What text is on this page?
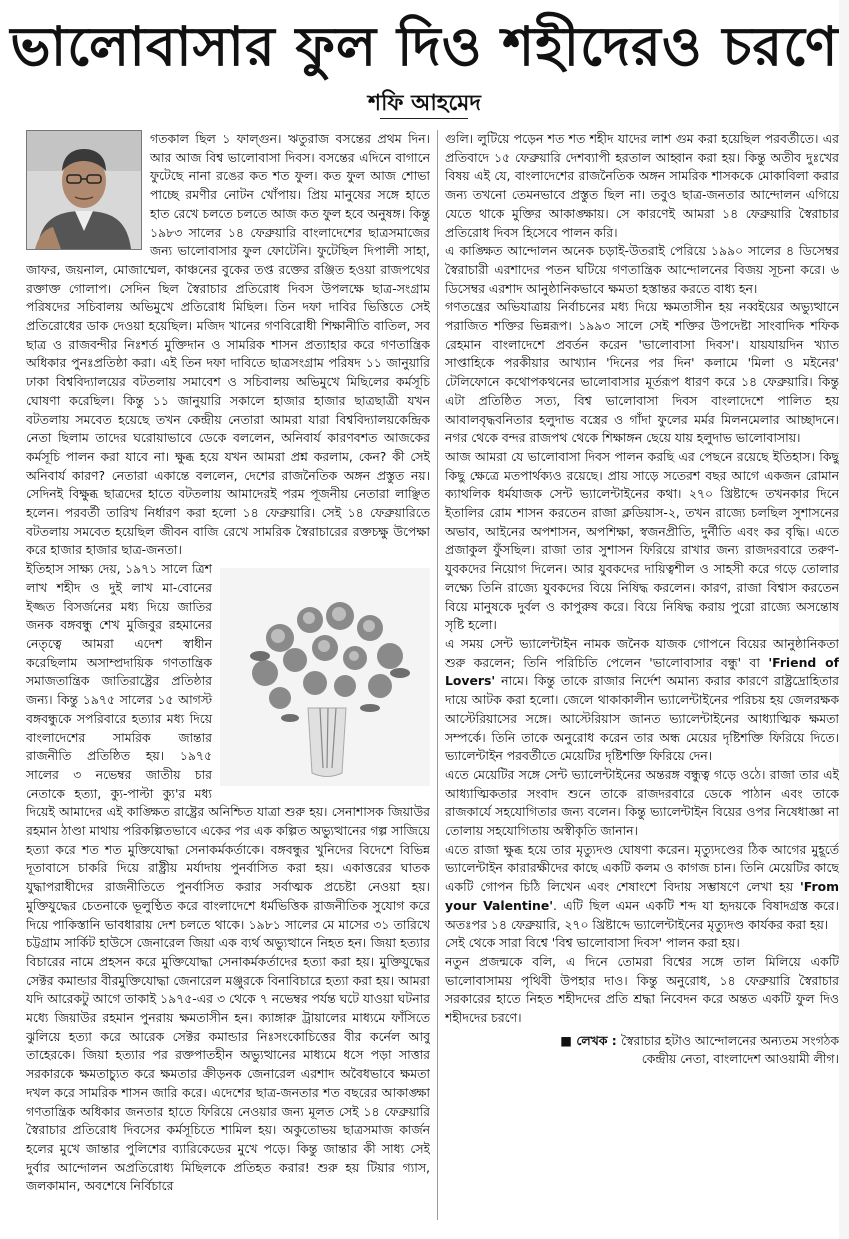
ভালোবাসার ফুল দিও শহীদেরও চরণে
শফি আহমেদ

গতকাল ছিল ১ ফাল্গুন। ঋতুরাজ বসন্তের প্রথম দিন। আর আজ বিশ্ব ভালোবাসা দিবস। বসন্তের এদিনে বাগানে ফুটেছে নানা রঙের কত শত ফুল। কত ফুল আজ শোভা পাচ্ছে রমণীর নোটন খোঁপায়। প্রিয় মানুষের সঙ্গে হাতে হাত রেখে চলতে চলতে আজ কত ফুল হবে অনুষঙ্গ। কিন্তু ১৯৮৩ সালের ১৪ ফেব্রুয়ারি বাংলাদেশের ছাত্রসমাজের জন্য ভালোবাসার ফুল ফোটেনি। ফুটেছিল দিপালী সাহা, জাফর, জয়নাল, মোজাম্মেল, কাঞ্চনের বুকের তপ্ত রক্তের রঞ্জিত হওয়া রাজপথের রক্তাক্ত গোলাপ। সেদিন ছিল স্বৈরাচার প্রতিরোধ দিবস উপলক্ষে ছাত্র-সংগ্রাম পরিষদের সচিবালয় অভিমুখে প্রতিরোধ মিছিল। তিন দফা দাবির ভিত্তিতে সেই প্রতিরোধের ডাক দেওয়া হয়েছিল। মজিদ খানের গণবিরোধী শিক্ষানীতি বাতিল, সব ছাত্র ও রাজবন্দীর নিঃশর্ত মুক্তিদান ও সামরিক শাসন প্রত্যাহার করে গণতান্ত্রিক অধিকার পুনঃপ্রতিষ্ঠা করা। এই তিন দফা দাবিতে ছাত্রসংগ্রাম পরিষদ ১১ জানুয়ারি ঢাকা বিশ্ববিদ্যালয়ের বটতলায় সমাবেশ ও সচিবালয় অভিমুখে মিছিলের কর্মসূচি ঘোষণা করেছিল। কিন্তু ১১ জানুয়ারি সকালে হাজার হাজার ছাত্রছাত্রী যখন বটতলায় সমবেত হয়েছে তখন কেন্দ্রীয় নেতারা আমরা যারা বিশ্ববিদ্যালয়কেন্দ্রিক নেতা ছিলাম তাদের ঘরোয়াভাবে ডেকে বললেন, অনিবার্য কারণবশত আজকের কর্মসূচি পালন করা যাবে না। ক্ষুব্ধ হয়ে যখন আমরা প্রশ্ন করলাম, কেন? কী সেই অনিবার্য কারণ? নেতারা একান্তে বললেন, দেশের রাজনৈতিক অঙ্গন প্রস্তুত নয়। সেদিনই বিক্ষুব্ধ ছাত্রদের হাতে বটতলায় আমাদেরই পরম পূজনীয় নেতারা লাঞ্ছিত হলেন। পরবর্তী তারিখ নির্ধারণ করা হলো ১৪ ফেব্রুয়ারি। সেই ১৪ ফেব্রুয়ারিতে বটতলায় সমবেত হয়েছিল জীবন বাজি রেখে সামরিক স্বৈরাচারের রক্তচক্ষু উপেক্ষা করে হাজার হাজার ছাত্র-জনতা।

ইতিহাস সাক্ষ্য দেয়, ১৯৭১ সালে ত্রিশ লাখ শহীদ ও দুই লাখ মা-বোনের ইজ্জত বিসর্জনের মধ্য দিয়ে জাতির জনক বঙ্গবন্ধু শেখ মুজিবুর রহমানের নেতৃত্বে আমরা এদেশ স্বাধীন করেছিলাম অসাম্প্রদায়িক গণতান্ত্রিক সমাজতান্ত্রিক জাতিরাষ্ট্রের প্রতিষ্ঠার জন্য। কিন্তু ১৯৭৫ সালের ১৫ আগস্ট বঙ্গবন্ধুকে সপরিবারে হত্যার মধ্য দিয়ে বাংলাদেশের সামরিক জান্তার রাজনীতি প্রতিষ্ঠিত হয়। ১৯৭৫ সালের ৩ নভেম্বর জাতীয় চার নেতাকে হত্যা, ক্যু-পাল্টা ক্যু'র মধ্য দিয়েই আমাদের এই কাঙ্ক্ষিত রাষ্ট্রের অনিশ্চিত যাত্রা শুরু হয়। সেনাশাসক জিয়াউর রহমান ঠাণ্ডা মাথায় পরিকল্পিতভাবে একের পর এক কল্পিত অভ্যুত্থানের গল্প সাজিয়ে হত্যা করে শত শত মুক্তিযোদ্ধা সেনাকর্মকর্তাকে। বঙ্গবন্ধুর খুনিদের বিদেশে বিভিন্ন দূতাবাসে চাকরি দিয়ে রাষ্ট্রীয় মর্যাদায় পুনর্বাসিত করা হয়। একাত্তরের ঘাতক যুদ্ধাপরাধীদের রাজনীতিতে পুনর্বাসিত করার সর্বাত্মক প্রচেষ্টা নেওয়া হয়। মুক্তিযুদ্ধের চেতনাকে ভূলুণ্ঠিত করে বাংলাদেশে ধর্মভিত্তিক রাজনীতিক সুযোগ করে দিয়ে পাকিস্তানি ভাবধারায় দেশ চলতে থাকে। ১৯৮১ সালের মে মাসের ৩১ তারিখে চট্টগ্রাম সার্কিট হাউসে জেনারেল জিয়া এক ব্যর্থ অভ্যুত্থানে নিহত হন। জিয়া হত্যার বিচারের নামে প্রহসন করে মুক্তিযোদ্ধা সেনাকর্মকর্তাদের হত্যা করা হয়। মুক্তিযুদ্ধের সেক্টর কমান্ডার বীরমুক্তিযোদ্ধা জেনারেল মঞ্জুরকে বিনাবিচারে হত্যা করা হয়। আমরা যদি আরেকটু আগে তাকাই ১৯৭৫-এর ৩ থেকে ৭ নভেম্বর পর্যন্ত ঘটে যাওয়া ঘটনার মধ্যে জিয়াউর রহমান পুনরায় ক্ষমতাসীন হন। ক্যাঙ্গারু ট্রায়ালের মাধ্যমে ফাঁসিতে ঝুলিয়ে হত্যা করে আরেক সেক্টর কমান্ডার নিঃসংকোচিত্তের বীর কর্নেল আবু তাহেরকে। জিয়া হত্যার পর রক্তপাতহীন অভ্যুত্থানের মাধ্যমে ধসে পড়া সাত্তার সরকারকে ক্ষমতাচ্যুত করে ক্ষমতার ক্রীড়নক জেনারেল এরশাদ অবৈধভাবে ক্ষমতা দখল করে সামরিক শাসন জারি করে। এদেশের ছাত্র-জনতার শত বছরের আকাঙ্ক্ষা গণতান্ত্রিক অধিকার জনতার হাতে ফিরিয়ে নেওয়ার জন্য মূলত সেই ১৪ ফেব্রুয়ারি স্বৈরাচার প্রতিরোধ দিবসের কর্মসূচিতে শামিল হয়। অকুতোভয় ছাত্রসমাজ কার্জন হলের মুখে জান্তার পুলিশের ব্যারিকেডের মুখে পড়ে। কিন্তু জান্তার কী সাধ্য সেই দুর্বার আন্দোলন অপ্রতিরোধ্য মিছিলকে প্রতিহত করার! শুরু হয় টিয়ার গ্যাস, জলকামান, অবশেষে নির্বিচারে

গুলি। লুটিয়ে পড়েন শত শত শহীদ যাদের লাশ গুম করা হয়েছিল পরবর্তীতে। এর প্রতিবাদে ১৫ ফেব্রুয়ারি দেশব্যাপী হরতাল আহ্বান করা হয়। কিন্তু অতীব দুঃখের বিষয় এই যে, বাংলাদেশের রাজনৈতিক অঙ্গন সামরিক শাসককে মোকাবিলা করার জন্য তখনো তেমনভাবে প্রস্তুত ছিল না। তবুও ছাত্র-জনতার আন্দোলন এগিয়ে যেতে থাকে মুক্তির আকাঙ্ক্ষায়। সে কারণেই আমরা ১৪ ফেব্রুয়ারি স্বৈরাচার প্রতিরোধ দিবস হিসেবে পালন করি।

এ কাঙ্ক্ষিত আন্দোলন অনেক চড়াই-উতরাই পেরিয়ে ১৯৯০ সালের ৪ ডিসেম্বর স্বৈরাচারী এরশাদের পতন ঘটিয়ে গণতান্ত্রিক আন্দোলনের বিজয় সূচনা করে। ৬ ডিসেম্বর এরশাদ আনুষ্ঠানিকভাবে ক্ষমতা হস্তান্তর করতে বাধ্য হন।

গণতন্ত্রের অভিযাত্রায় নির্বাচনের মধ্য দিয়ে ক্ষমতাসীন হয় নব্বইয়ের অভ্যুত্থানে পরাজিত শক্তির ভিন্নরূপ। ১৯৯৩ সালে সেই শক্তির উপদেষ্টা সাংবাদিক শফিক রেহমান বাংলাদেশে প্রবর্তন করেন 'ভালোবাসা দিবস'। যায়যায়দিন খ্যাত সাপ্তাহিকে পরকীয়ার আখ্যান 'দিনের পর দিন' কলামে 'মিলা ও মইনের' টেলিফোনে কথোপকথনের ভালোবাসার মূর্তরূপ ধারণ করে ১৪ ফেব্রুয়ারি। কিন্তু এটা প্রতিষ্ঠিত সত্য, বিশ্ব ভালোবাসা দিবস বাংলাদেশে পালিত হয় আবালবৃদ্ধবনিতার হলুদাভ বস্ত্রের ও গাঁদা ফুলের মর্মর মিলনমেলার আচ্ছাদনে। নগর থেকে বন্দর রাজপথ থেকে শিক্ষাঙ্গন ছেয়ে যায় হলুদাভ ভালোবাসায়।

আজ আমরা যে ভালোবাসা দিবস পালন করছি এর পেছনে রয়েছে ইতিহাস। কিছু কিছু ক্ষেত্রে মতপার্থক্যও রয়েছে। প্রায় সাড়ে সতেরশ বছর আগে একজন রোমান ক্যাথলিক ধর্মযাজক সেন্ট ভ্যালেন্টাইনের কথা। ২৭০ খ্রিষ্টাব্দে তখনকার দিনে ইতালির রোম শাসন করতেন রাজা ক্লডিয়াস-২, তখন রাজ্যে চলছিল সুশাসনের অভাব, আইনের অপশাসন, অপশিক্ষা, স্বজনপ্রীতি, দুর্নীতি এবং কর বৃদ্ধি। এতে প্রজাকুল ফুঁসছিল। রাজা তার সুশাসন ফিরিয়ে রাখার জন্য রাজদরবারে তরুণ-যুবকদের নিয়োগ দিলেন। আর যুবকদের দায়িত্বশীল ও সাহসী করে গড়ে তোলার লক্ষ্যে তিনি রাজ্যে যুবকদের বিয়ে নিষিদ্ধ করলেন। কারণ, রাজা বিশ্বাস করতেন বিয়ে মানুষকে দুর্বল ও কাপুরুষ করে। বিয়ে নিষিদ্ধ করায় পুরো রাজ্যে অসন্তোষ সৃষ্টি হলো।

এ সময় সেন্ট ভ্যালেন্টাইন নামক জনৈক যাজক গোপনে বিয়ের আনুষ্ঠানিকতা শুরু করলেন; তিনি পরিচিতি পেলেন 'ভালোবাসার বন্ধু' বা 'Friend of Lovers' নামে। কিন্তু তাকে রাজার নির্দেশ অমান্য করার কারণে রাষ্ট্রদ্রোহিতার দায়ে আটক করা হলো। জেলে থাকাকালীন ভ্যালেন্টাইনের পরিচয় হয় জেলরক্ষক আস্টেরিয়াসের সঙ্গে। আস্টেরিয়াস জানত ভ্যালেন্টাইনের আধ্যাত্মিক ক্ষমতা সম্পর্কে। তিনি তাকে অনুরোধ করেন তার অন্ধ মেয়ের দৃষ্টিশক্তি ফিরিয়ে দিতে। ভ্যালেন্টাইন পরবর্তীতে মেয়েটির দৃষ্টিশক্তি ফিরিয়ে দেন।

এতে মেয়েটির সঙ্গে সেন্ট ভ্যালেন্টাইনের অন্তরঙ্গ বন্ধুত্ব গড়ে ওঠে। রাজা তার এই আধ্যাত্মিকতার সংবাদ শুনে তাকে রাজদরবারে ডেকে পাঠান এবং তাকে রাজকার্যে সহযোগিতার জন্য বলেন। কিন্তু ভ্যালেন্টাইন বিয়ের ওপর নিষেধাজ্ঞা না তোলায় সহযোগিতায় অস্বীকৃতি জানান।

এতে রাজা ক্ষুব্ধ হয়ে তার মৃত্যুদণ্ড ঘোষণা করেন। মৃত্যুদণ্ডের ঠিক আগের মুহূর্তে ভ্যালেন্টাইন কারারক্ষীদের কাছে একটি কলম ও কাগজ চান। তিনি মেয়েটির কাছে একটি গোপন চিঠি লিখেন এবং শেষাংশে বিদায় সম্ভাষণে লেখা হয় 'From your Valentine'. এটি ছিল এমন একটি শব্দ যা হৃদয়কে বিষাদগ্রস্ত করে। অতঃপর ১৪ ফেব্রুয়ারি, ২৭০ খ্রিষ্টাব্দে ভ্যালেন্টাইনের মৃত্যুদণ্ড কার্যকর করা হয়।

সেই থেকে সারা বিশ্বে 'বিশ্ব ভালোবাসা দিবস' পালন করা হয়।

নতুন প্রজন্মকে বলি, এ দিনে তোমরা বিশ্বের সঙ্গে তাল মিলিয়ে একটি ভালোবাসাময় পৃথিবী উপহার দাও। কিন্তু অনুরোধ, ১৪ ফেব্রুয়ারি স্বৈরাচার সরকারের হাতে নিহত শহীদদের প্রতি শ্রদ্ধা নিবেদন করে অন্তত একটি ফুল দিও শহীদদের চরণে।

■ লেখক : স্বৈরাচার হটাও আন্দোলনের অন্যতম সংগঠক
কেন্দ্রীয় নেতা, বাংলাদেশ আওয়ামী লীগ।
